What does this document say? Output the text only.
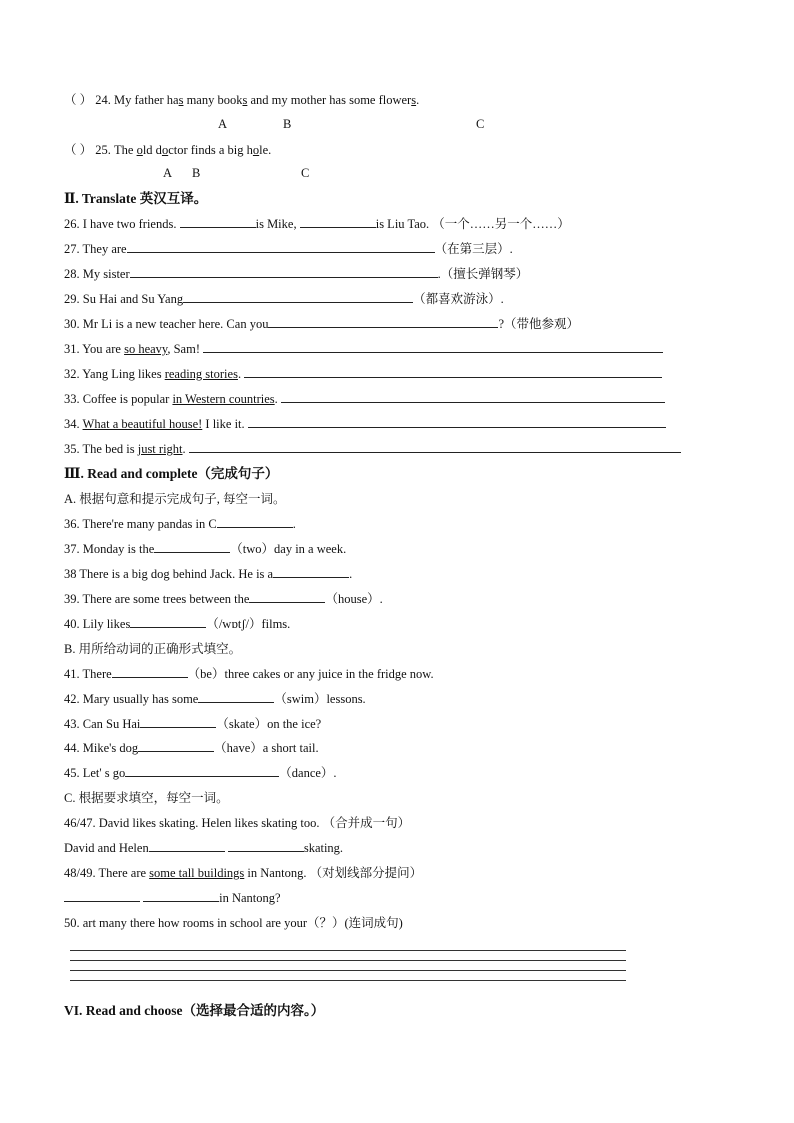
（ ） 24. My father has many books and my mother has some flowers.
A	B	C
（ ） 25. The old doctor finds a big hole.
A B	C
Ⅱ. Translate 英汉互译。
26. I have two friends.	is Mike,	is Liu Tao. （一个……另一个……）
27. They are	（在第三层）.
28. My sister	.（擅长弹钢琴）
29. Su Hai and Su Yang	（都喜欢游泳）.
30. Mr Li is a new teacher here. Can you	?（带他参观）
31. You are so heavy, Sam!
32. Yang Ling likes reading stories.
33. Coffee is popular in Western countries.
34. What a beautiful house! I like it.
35. The bed is just right.
Ⅲ. Read and complete（完成句子）
A. 根据句意和提示完成句子, 每空一词。
36. There're many pandas in C	.
37. Monday is the	（two）day in a week.
38 There is a big dog behind Jack. He is a	.
39. There are some trees between the	（house）.
40. Lily likes	（/wɒtʃ/）films.
B. 用所给动词的正确形式填空。
41. There	（be）three cakes or any juice in the fridge now.
42. Mary usually has some	（swim）lessons.
43. Can Su Hai	（skate）on the ice?
44. Mike's dog	（have）a short tail.
45. Let' s go	（dance）.
C. 根据要求填空，每空一词。
46/47. David likes skating. Helen likes skating too. （合并成一句）
David and Helen	skating.
48/49. There are some tall buildings in Nantong. （对划线部分提问）
in Nantong?
50. art many there how rooms in school are your（？）(连词成句)
VI. Read and choose（选择最合适的内容。）
